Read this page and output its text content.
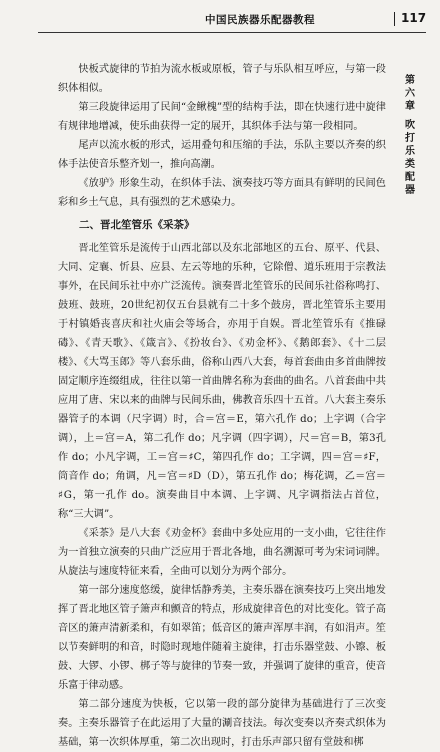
中国民族器乐配器教程	117
第六章
吹打乐类配器

快板式旋律的节拍为流水板或原板，管子与乐队相互呼应，与第一段织体相似。

第三段旋律运用了民间“金鳅槐”型的结构手法，即在快速行进中旋律有规律地增减，使乐曲获得一定的展开，其织体手法与第一段相同。

尾声以流水板的形式，运用叠句和压缩的手法，乐队主要以齐奏的织体手法使音乐整齐划一，推向高潮。

《放驴》形象生动，在织体手法、演奏技巧等方面具有鲜明的民间色彩和乡土气息，具有强烈的艺术感染力。

二、晋北笙管乐《采茶》

晋北笙管乐是流传于山西北部以及东北部地区的五台、原平、代县、大同、定襄、忻县、应县、左云等地的乐种，它除僧、道乐班用于宗教法事外，在民间乐社中亦广泛流传。演奏晋北笙管乐的民间乐社俗称鸣打、鼓班、鼓班，20世纪初仅五台县就有二十多个鼓房，晋北笙管乐主要用于村镇婚丧喜庆和社火庙会等场合，亦用于自娱。晋北笙管乐有《推碌碡》、《青天歌》、《箴言》、《扮妆台》、《劝金杯》、《鹅郎套》、《十二层楼》、《大骂玉郎》等八套乐曲，俗称山西八大套，每首套曲由多首曲牌按固定顺序连缀组成，往往以第一首曲牌名称为套曲的曲名。八首套曲中共应用了唐、宋以来的曲牌与民间乐曲，佛教音乐四十五首。八大套主奏乐器管子的本调（尺字调）时，合＝宫＝E，第六孔作 do；上字调（合字调），上＝宫＝A，第二孔作 do；凡字调（四字调），尺＝宫＝B，第3孔作 do；小凡字调，工＝宫＝♯C，第四孔作 do；工字调，四＝宫＝♯F，筒音作 do；角调，凡＝宫＝♯D（D），第五孔作 do；梅花调，乙＝宫＝♯G，第一孔作 do。演奏曲目中本调、上字调、凡字调指法占首位，称“三大调”。

《采茶》是八大套《劝金杯》套曲中多处应用的一支小曲，它往往作为一首独立演奏的只曲广泛应用于晋北各地，曲名溯源可考为宋词词牌。从旋法与速度特征来看，全曲可以划分为两个部分。

第一部分速度悠缓，旋律恬静秀美，主奏乐器在演奏技巧上突出地发挥了晋北地区管子箫声和颤音的特点，形成旋律音色的对比变化。管子高音区的箫声清新柔和，有如翠笛；低音区的箫声浑厚丰润，有如涓声。笙以节奏鲜明的和音，时隐时现地伴随着主旋律，打击乐器堂鼓、小镲、板鼓、大锣、小锣、梆子等与旋律的节奏一致，并强调了旋律的重音，使音乐富于律动感。

第二部分速度为快板，它以第一段的部分旋律为基础进行了三次变奏。主奏乐器管子在此运用了大量的涮音技法。每次变奏以齐奏式织体为基础，第一次织体厚重，第二次出现时，打击乐声部只留有堂鼓和梆
